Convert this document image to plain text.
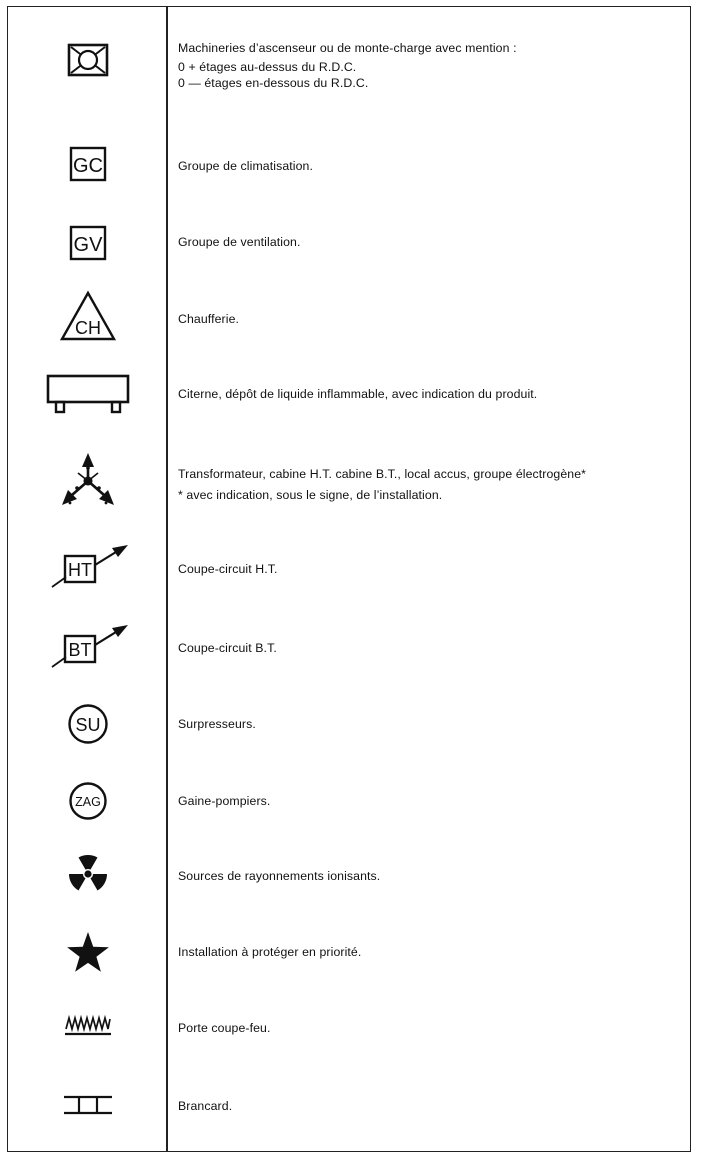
Machineries d’ascenseur ou de monte-charge avec mention :
0 + étages au-dessus du R.D.C.
0 — étages en-dessous du R.D.C.
GC	Groupe de climatisation.
GV	Groupe de ventilation.
CH	Chaufferie.
Citerne, dépôt de liquide inflammable, avec indication du produit.
Transformateur, cabine H.T. cabine B.T., local accus, groupe électrogène*
* avec indication, sous le signe, de l’installation.
HT	Coupe-circuit H.T.
BT	Coupe-circuit B.T.
SU	Surpresseurs.
ZAG	Gaine-pompiers.
Sources de rayonnements ionisants.
Installation à protéger en priorité.
Porte coupe-feu.
Brancard.
